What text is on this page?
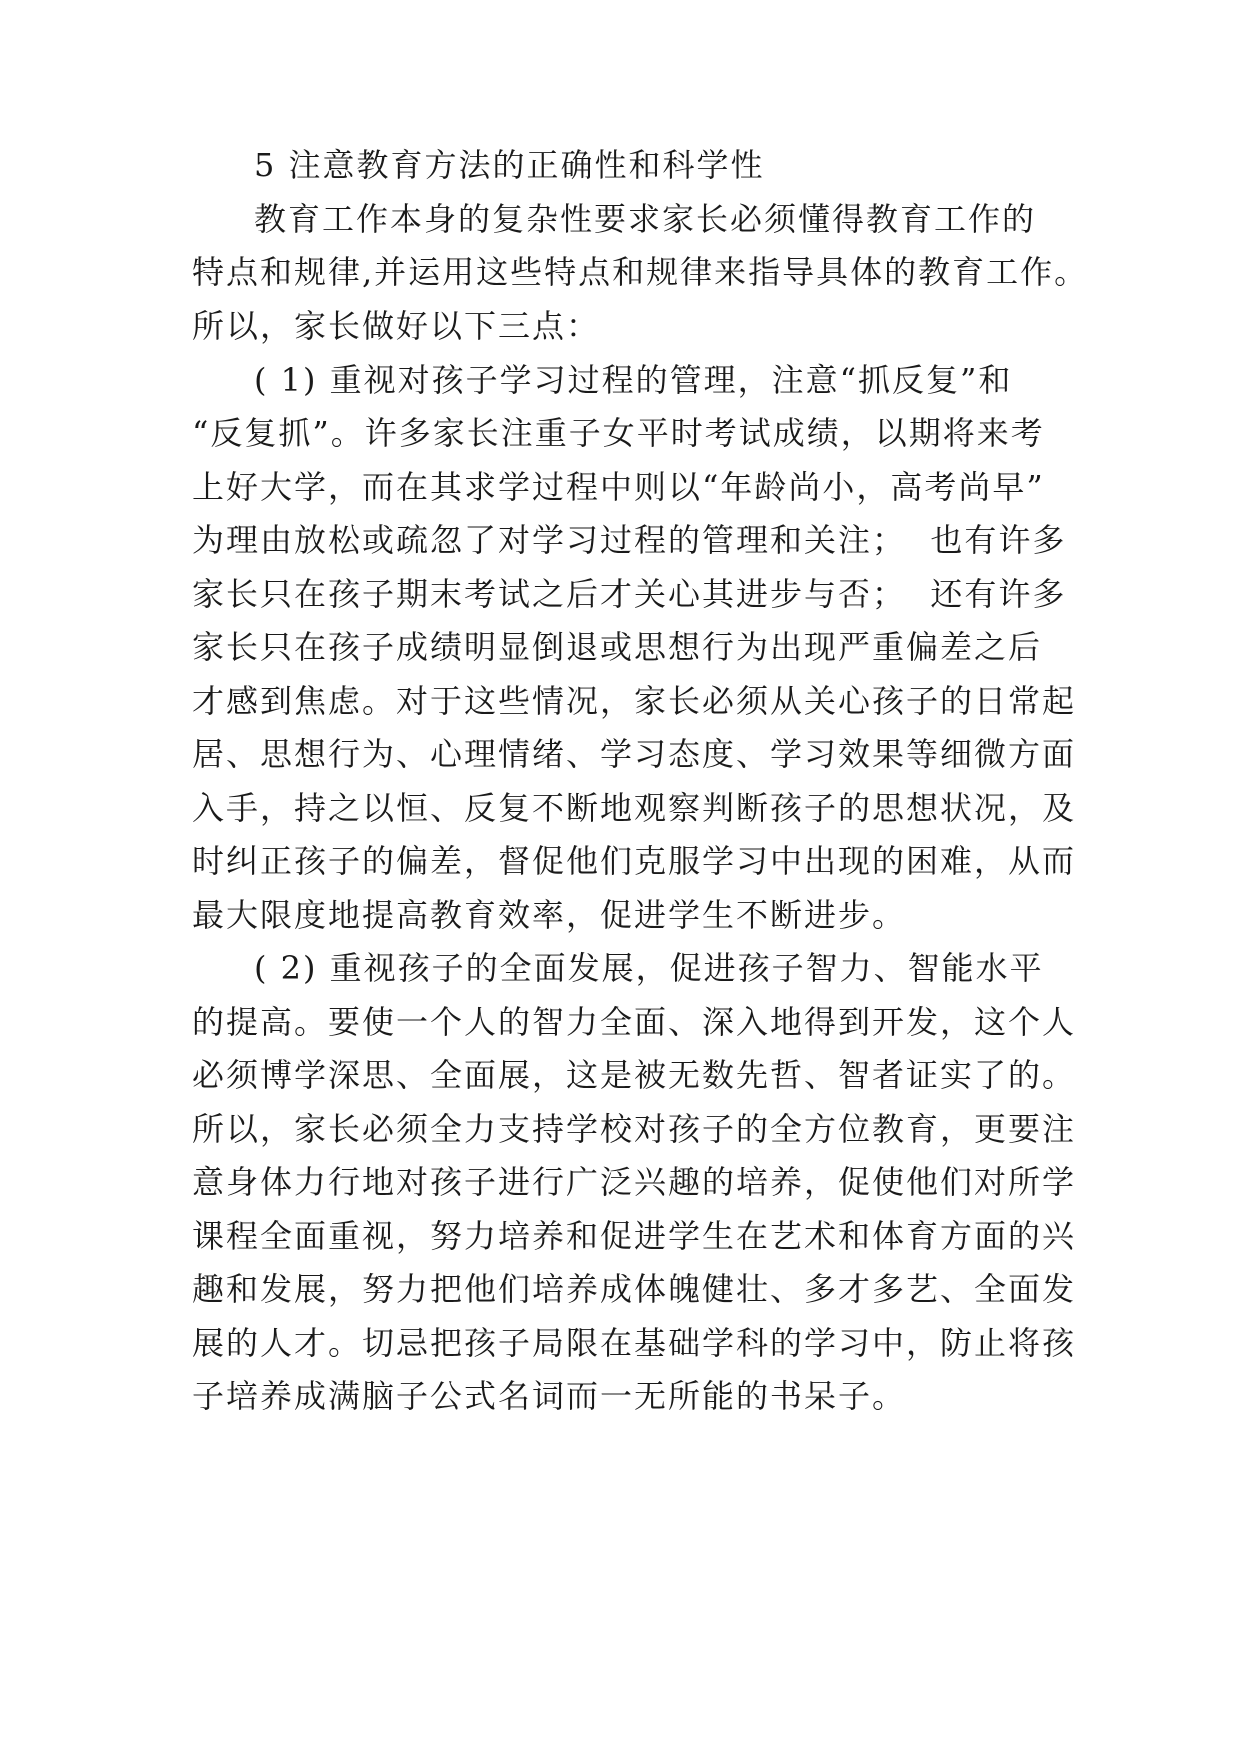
5 注意教育方法的正确性和科学性
教育工作本身的复杂性要求家长必须懂得教育工作的
特点和规律,并运用这些特点和规律来指导具体的教育工作。
所以，家长做好以下三点：
( 1) 重视对孩子学习过程的管理，注意“抓反复”和
“反复抓”。许多家长注重子女平时考试成绩，以期将来考
上好大学，而在其求学过程中则以“年龄尚小，高考尚早”
为理由放松或疏忽了对学习过程的管理和关注；  也有许多
家长只在孩子期末考试之后才关心其进步与否；  还有许多
家长只在孩子成绩明显倒退或思想行为出现严重偏差之后
才感到焦虑。对于这些情况，家长必须从关心孩子的日常起
居、思想行为、心理情绪、学习态度、学习效果等细微方面
入手，持之以恒、反复不断地观察判断孩子的思想状况，及
时纠正孩子的偏差，督促他们克服学习中出现的困难，从而
最大限度地提高教育效率，促进学生不断进步。
( 2) 重视孩子的全面发展，促进孩子智力、智能水平
的提高。要使一个人的智力全面、深入地得到开发，这个人
必须博学深思、全面展，这是被无数先哲、智者证实了的。
所以，家长必须全力支持学校对孩子的全方位教育，更要注
意身体力行地对孩子进行广泛兴趣的培养，促使他们对所学
课程全面重视，努力培养和促进学生在艺术和体育方面的兴
趣和发展，努力把他们培养成体魄健壮、多才多艺、全面发
展的人才。切忌把孩子局限在基础学科的学习中，防止将孩
子培养成满脑子公式名词而一无所能的书呆子。
